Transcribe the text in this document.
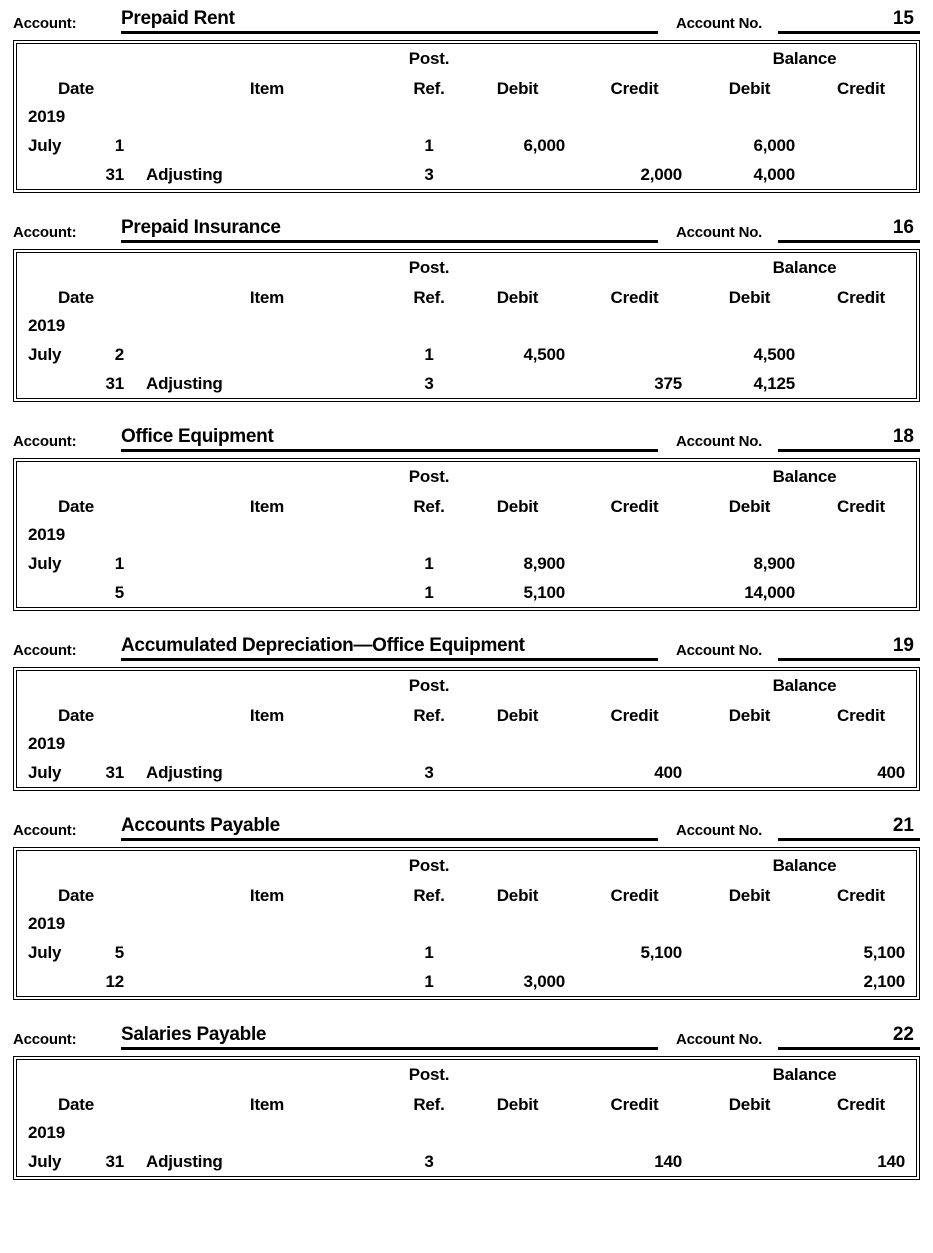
Account:	Prepaid Rent	Account No.	15
			Post.			Balance	
Date		Item	Ref.	Debit	Credit	Debit	Credit
2019							
July	1		1	6,000		6,000	
	31	Adjusting	3		2,000	4,000	
Account:	Prepaid Insurance	Account No.	16
			Post.			Balance	
Date		Item	Ref.	Debit	Credit	Debit	Credit
2019							
July	2		1	4,500		4,500	
	31	Adjusting	3		375	4,125	
Account:	Office Equipment	Account No.	18
			Post.			Balance	
Date		Item	Ref.	Debit	Credit	Debit	Credit
2019							
July	1		1	8,900		8,900	
	5		1	5,100		14,000	
Account:	Accumulated Depreciation—Office Equipment	Account No.	19
			Post.			Balance	
Date		Item	Ref.	Debit	Credit	Debit	Credit
2019							
July	31	Adjusting	3		400		400
Account:	Accounts Payable	Account No.	21
			Post.			Balance	
Date		Item	Ref.	Debit	Credit	Debit	Credit
2019							
July	5		1		5,100		5,100
	12		1	3,000			2,100
Account:	Salaries Payable	Account No.	22
			Post.			Balance	
Date		Item	Ref.	Debit	Credit	Debit	Credit
2019							
July	31	Adjusting	3		140		140
